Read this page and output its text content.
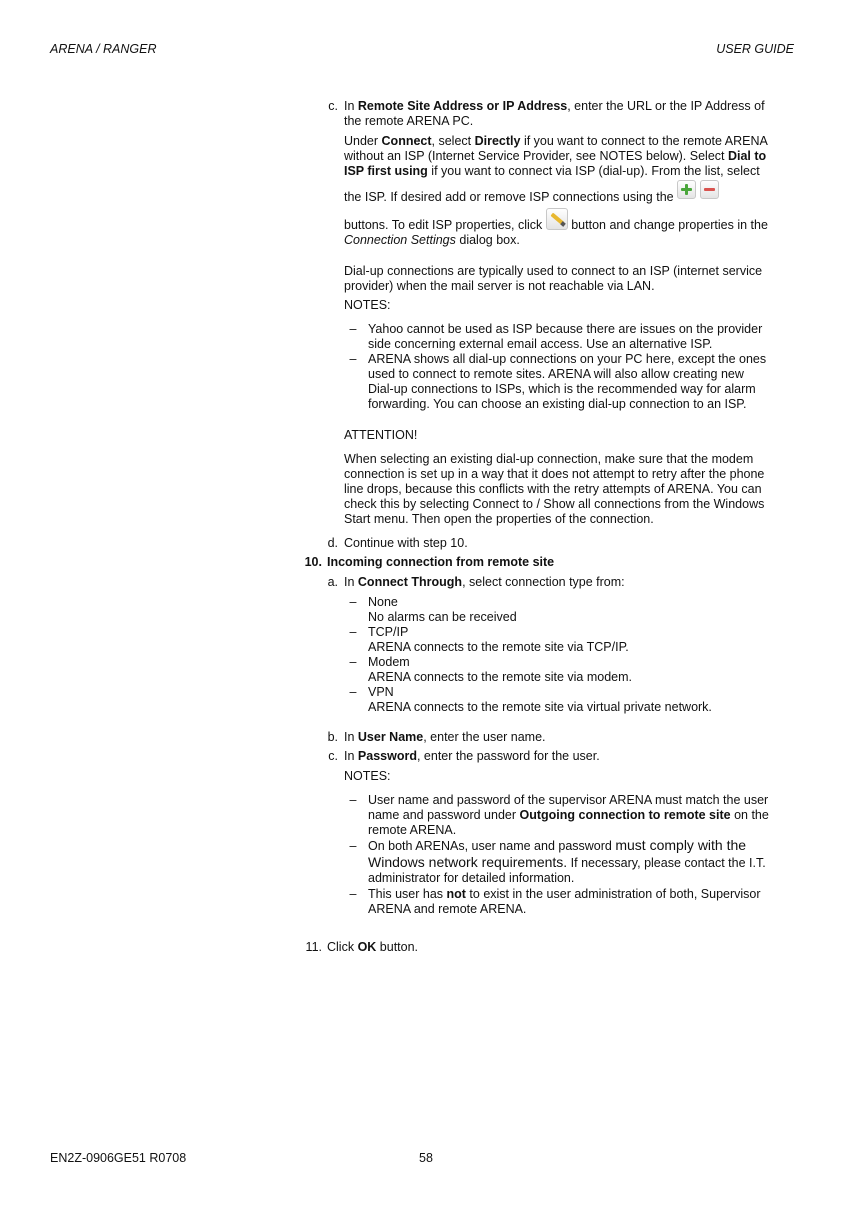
ARENA / RANGER	USER GUIDE
c. In Remote Site Address or IP Address, enter the URL or the IP Address of
the remote ARENA PC.
Under Connect, select Directly if you want to connect to the remote ARENA
without an ISP (Internet Service Provider, see NOTES below). Select Dial to
ISP first using if you want to connect via ISP (dial-up). From the list, select
the ISP. If desired add or remove ISP connections using the

buttons. To edit ISP properties, click
button and change properties in the
Connection Settings dialog box.
Dial-up connections are typically used to connect to an ISP (internet service
provider) when the mail server is not reachable via LAN.
NOTES:
– Yahoo cannot be used as ISP because there are issues on the provider
side concerning external email access. Use an alternative ISP.
– ARENA shows all dial-up connections on your PC here, except the ones
used to connect to remote sites. ARENA will also allow creating new
Dial-up connections to ISPs, which is the recommended way for alarm
forwarding. You can choose an existing dial-up connection to an ISP.
ATTENTION!
When selecting an existing dial-up connection, make sure that the modem
connection is set up in a way that it does not attempt to retry after the phone
line drops, because this conflicts with the retry attempts of ARENA. You can
check this by selecting Connect to / Show all connections from the Windows
Start menu. Then open the properties of the connection.
d. Continue with step 10.
10. Incoming connection from remote site
a. In Connect Through, select connection type from:
– None
No alarms can be received
– TCP/IP
ARENA connects to the remote site via TCP/IP.
– Modem
ARENA connects to the remote site via modem.
– VPN
ARENA connects to the remote site via virtual private network.
b. In User Name, enter the user name.
c. In Password, enter the password for the user.
NOTES:
– User name and password of the supervisor ARENA must match the user
name and password under Outgoing connection to remote site on the
remote ARENA.
– On both ARENAs, user name and password must comply with the
Windows network requirements. If necessary, please contact the I.T.
administrator for detailed information.
– This user has not to exist in the user administration of both, Supervisor
ARENA and remote ARENA.
11. Click OK button.
EN2Z-0906GE51 R0708	58
